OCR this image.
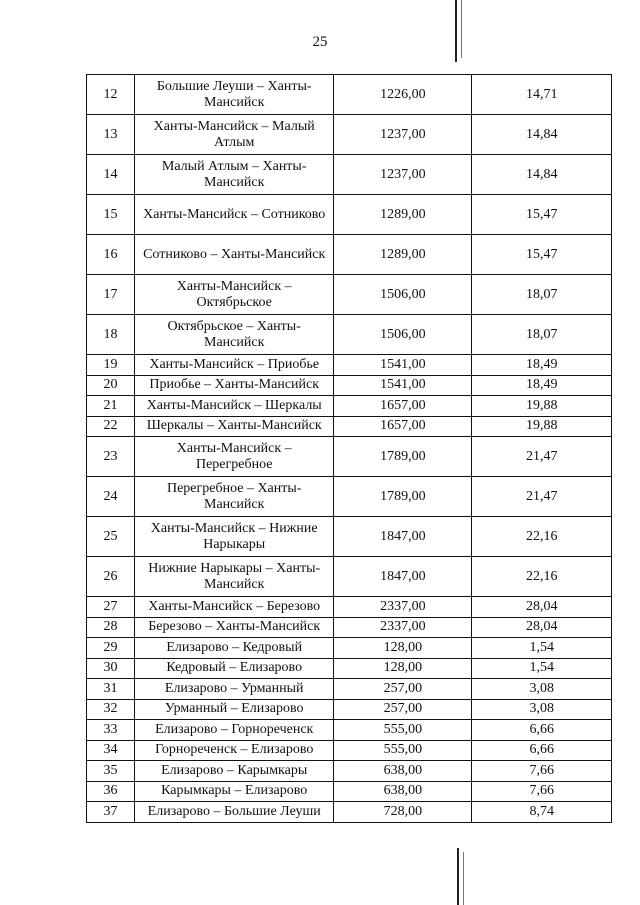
25
12	Большие Леуши – Ханты-Мансийск	1226,00	14,71
13	Ханты-Мансийск – Малый Атлым	1237,00	14,84
14	Малый Атлым – Ханты-Мансийск	1237,00	14,84
15	Ханты-Мансийск – Сотниково	1289,00	15,47
16	Сотниково – Ханты-Мансийск	1289,00	15,47
17	Ханты-Мансийск – Октябрьское	1506,00	18,07
18	Октябрьское – Ханты-Мансийск	1506,00	18,07
19	Ханты-Мансийск – Приобье	1541,00	18,49
20	Приобье – Ханты-Мансийск	1541,00	18,49
21	Ханты-Мансийск – Шеркалы	1657,00	19,88
22	Шеркалы – Ханты-Мансийск	1657,00	19,88
23	Ханты-Мансийск – Перегребное	1789,00	21,47
24	Перегребное – Ханты-Мансийск	1789,00	21,47
25	Ханты-Мансийск – Нижние Нарыкары	1847,00	22,16
26	Нижние Нарыкары – Ханты-Мансийск	1847,00	22,16
27	Ханты-Мансийск – Березово	2337,00	28,04
28	Березово – Ханты-Мансийск	2337,00	28,04
29	Елизарово – Кедровый	128,00	1,54
30	Кедровый – Елизарово	128,00	1,54
31	Елизарово – Урманный	257,00	3,08
32	Урманный – Елизарово	257,00	3,08
33	Елизарово – Горнореченск	555,00	6,66
34	Горнореченск – Елизарово	555,00	6,66
35	Елизарово – Карымкары	638,00	7,66
36	Карымкары – Елизарово	638,00	7,66
37	Елизарово – Большие Леуши	728,00	8,74
